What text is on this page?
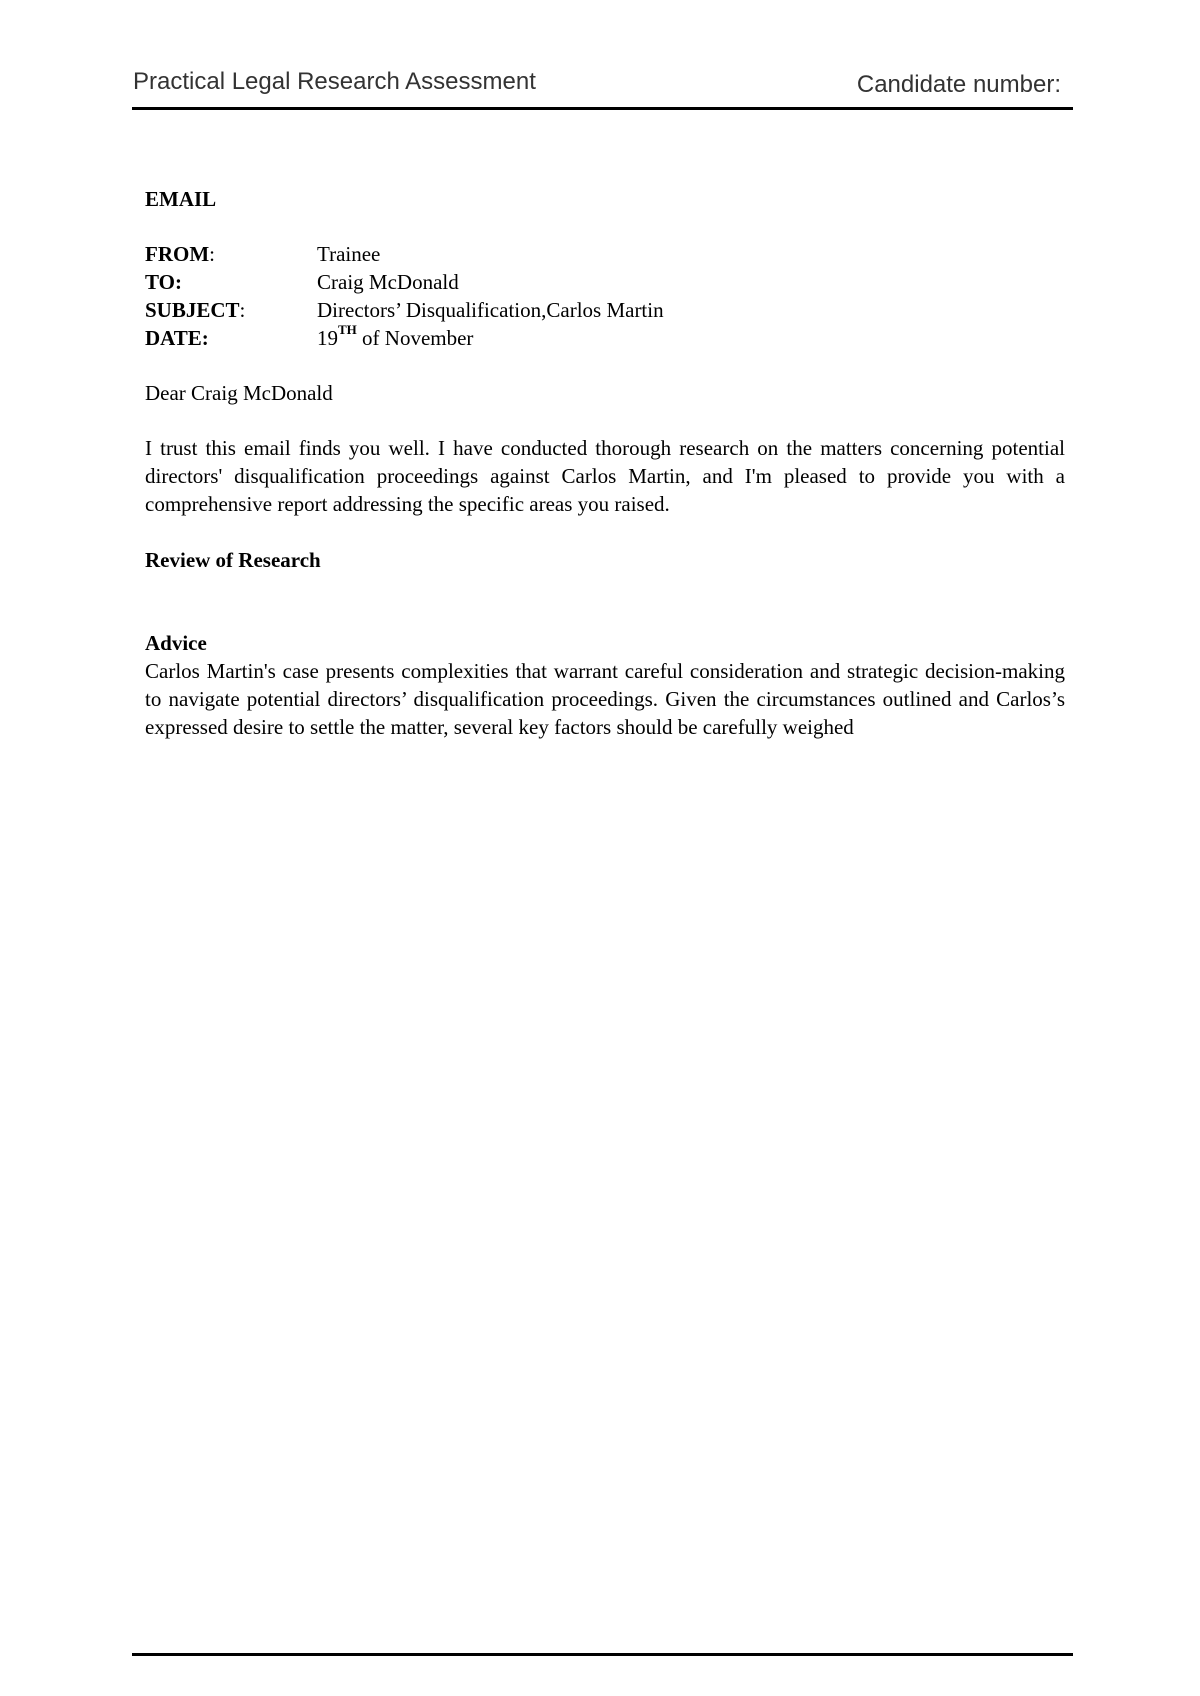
Practical Legal Research Assessment	Candidate number:
EMAIL
FROM:	Trainee
TO:	Craig McDonald
SUBJECT:	Directors’ Disqualification,Carlos Martin
DATE:	19TH of November

Dear Craig McDonald

I trust this email finds you well. I have conducted thorough research on the matters concerning potential directors' disqualification proceedings against Carlos Martin, and I'm pleased to provide you with a comprehensive report addressing the specific areas you raised.

Review of Research

Advice

Carlos Martin's case presents complexities that warrant careful consideration and strategic decision-making to navigate potential directors’ disqualification proceedings. Given the circumstances outlined and Carlos’s expressed desire to settle the matter, several key factors should be carefully weighed
